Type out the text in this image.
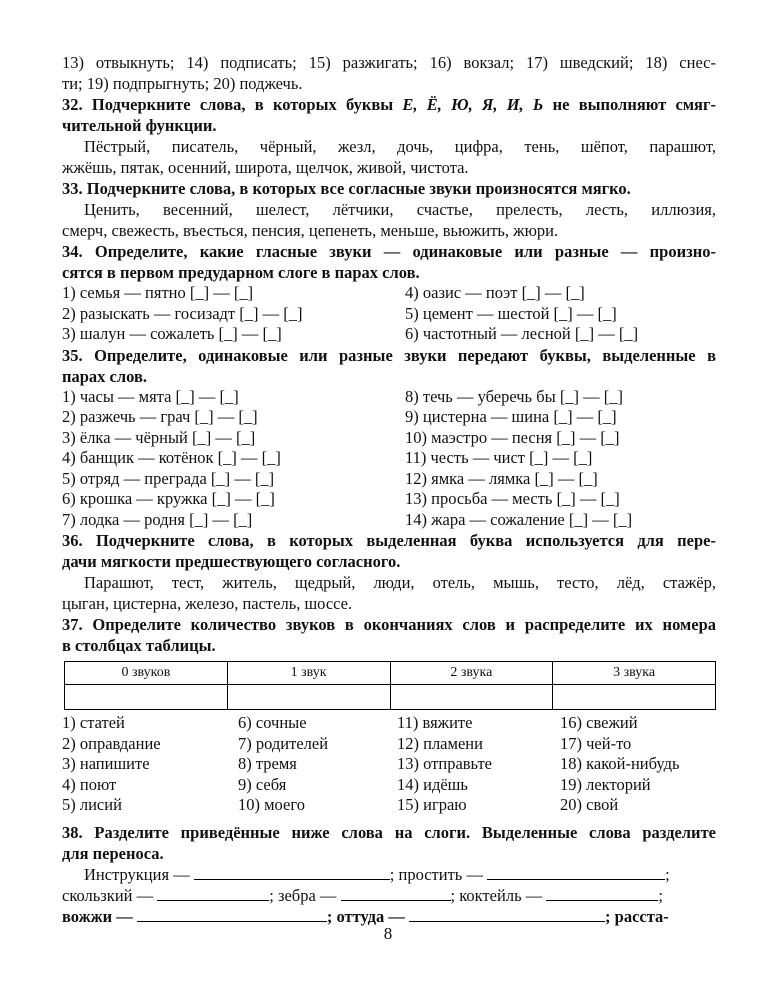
13) отвыкнуть; 14) подписать; 15) разжигать; 16) вокзал; 17) шведский; 18) снес-
ти; 19) подпрыгнуть; 20) поджечь.
32. Подчеркните слова, в которых буквы Е, Ё, Ю, Я, И, Ь не выполняют смяг-
чительной функции.
Пёстрый, писатель, чёрный, жезл, дочь, цифра, тень, шёпот, парашют,
жжёшь, пятак, осенний, широта, щелчок, живой, чистота.
33. Подчеркните слова, в которых все согласные звуки произносятся мягко.
Ценить, весенний, шелест, лётчики, счастье, прелесть, лесть, иллюзия,
смерч, свежесть, въесться, пенсия, цепенеть, меньше, вьюжить, жюри.
34. Определите, какие гласные звуки — одинаковые или разные — произно-
сятся в первом предударном слоге в парах слов.
1) семья — пятно [_] — [_]	4) оазис — поэт [_] — [_]
2) разыскать — госизадт [_] — [_]	5) цемент — шестой [_] — [_]
3) шалун — сожалеть [_] — [_]	6) частотный — лесной [_] — [_]
35. Определите, одинаковые или разные звуки передают буквы, выделенные в
парах слов.
1) часы — мята [_] — [_]	8) течь — уберечь бы [_] — [_]
2) разжечь — грач [_] — [_]	9) цистерна — шина [_] — [_]
3) ёлка — чёрный [_] — [_]	10) маэстро — песня [_] — [_]
4) банщик — котёнок [_] — [_]	11) честь — чист [_] — [_]
5) отряд — преграда [_] — [_]	12) ямка — лямка [_] — [_]
6) крошка — кружка [_] — [_]	13) просьба — месть [_] — [_]
7) лодка — родня [_] — [_]	14) жара — сожаление [_] — [_]
36. Подчеркните слова, в которых выделенная буква используется для пере-
дачи мягкости предшествующего согласного.
Парашют, тест, житель, щедрый, люди, отель, мышь, тесто, лёд, стажёр,
цыган, цистерна, железо, пастель, шоссе.
37. Определите количество звуков в окончаниях слов и распределите их номера
в столбцах таблицы.
0 звуков	1 звук	2 звука	3 звука

1) статей	6) сочные	11) вяжите	16) свежий
2) оправдание	7) родителей	12) пламени	17) чей-то
3) напишите	8) тремя	13) отправьте	18) какой-нибудь
4) поют	9) себя	14) идёшь	19) лекторий
5) лисий	10) моего	15) играю	20) свой
38. Разделите приведённые ниже слова на слоги. Выделенные слова разделите
для переноса.
Инструкция —	; простить —	;
скользкий —	; зебра —	; коктейль —	;
вожжи —	; оттуда —	; расста-
8
